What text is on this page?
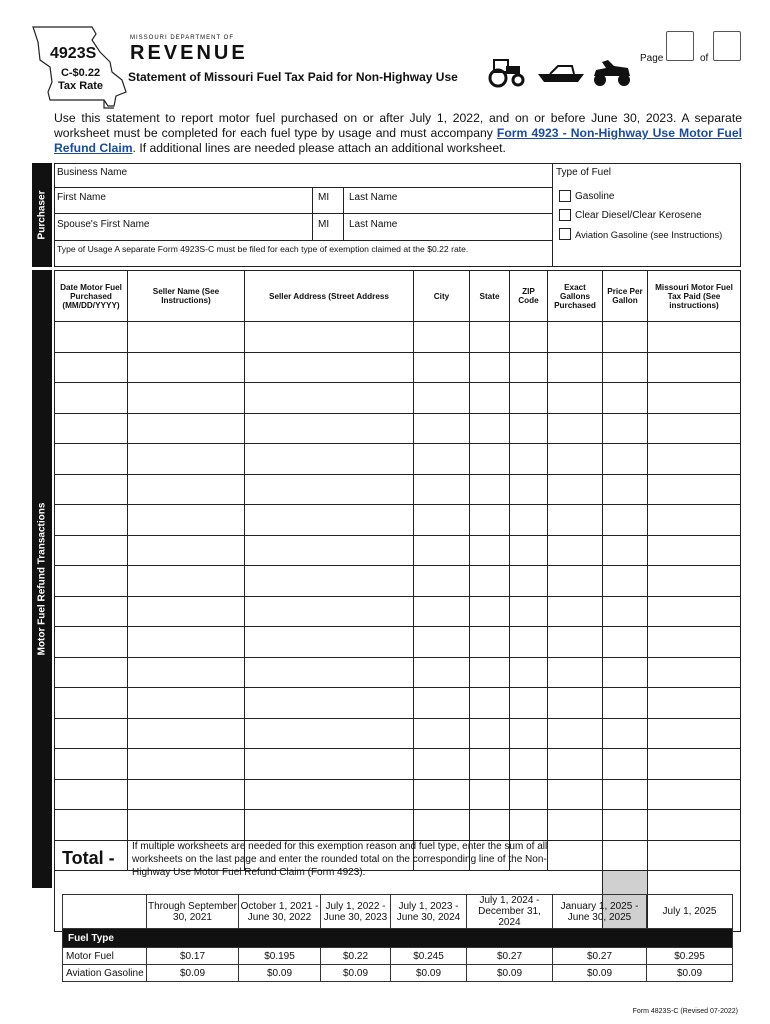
4923S
C-$0.22
Tax Rate
MISSOURI DEPARTMENT OF
REVENUE
Statement of Missouri Fuel Tax Paid for Non-Highway Use
Page	of
Use this statement to report motor fuel purchased on or after July 1, 2022, and on or before June 30, 2023. A separate worksheet must be completed for each fuel type by usage and must accompany Form 4923 - Non-Highway Use Motor Fuel Refund Claim. If additional lines are needed please attach an additional worksheet.
Purchaser
Business Name
First Name	MI Last Name
Spouse's First Name	MI Last Name
Type of Usage A separate Form 4923S-C must be filed for each type of exemption claimed at the $0.22 rate.
Type of Fuel
Gasoline
Clear Diesel/Clear Kerosene
Aviation Gasoline (see Instructions)
Motor Fuel Refund Transactions
Date Motor Fuel Purchased (MM/DD/YYYY)	Seller Name (See Instructions)	Seller Address (Street Address	City	State	ZIP Code	Exact Gallons Purchased	Price Per Gallon	Missouri Motor Fuel Tax Paid (See instructions)

Total -
If multiple worksheets are needed for this exemption reason and fuel type, enter the sum of all worksheets on the last page and enter the rounded total on the corresponding line of the Non-Highway Use Motor Fuel Refund Claim (Form 4923).
	Through September 30, 2021	October 1, 2021 - June 30, 2022	July 1, 2022 - June 30, 2023	July 1, 2023 - June 30, 2024	July 1, 2024 - December 31, 2024	January 1, 2025 - June 30, 2025	July 1, 2025
Fuel Type							
Motor Fuel	$0.17	$0.195	$0.22	$0.245	$0.27	$0.27	$0.295
Aviation Gasoline	$0.09	$0.09	$0.09	$0.09	$0.09	$0.09	$0.09
Form 4823S-C (Revised 07-2022)
